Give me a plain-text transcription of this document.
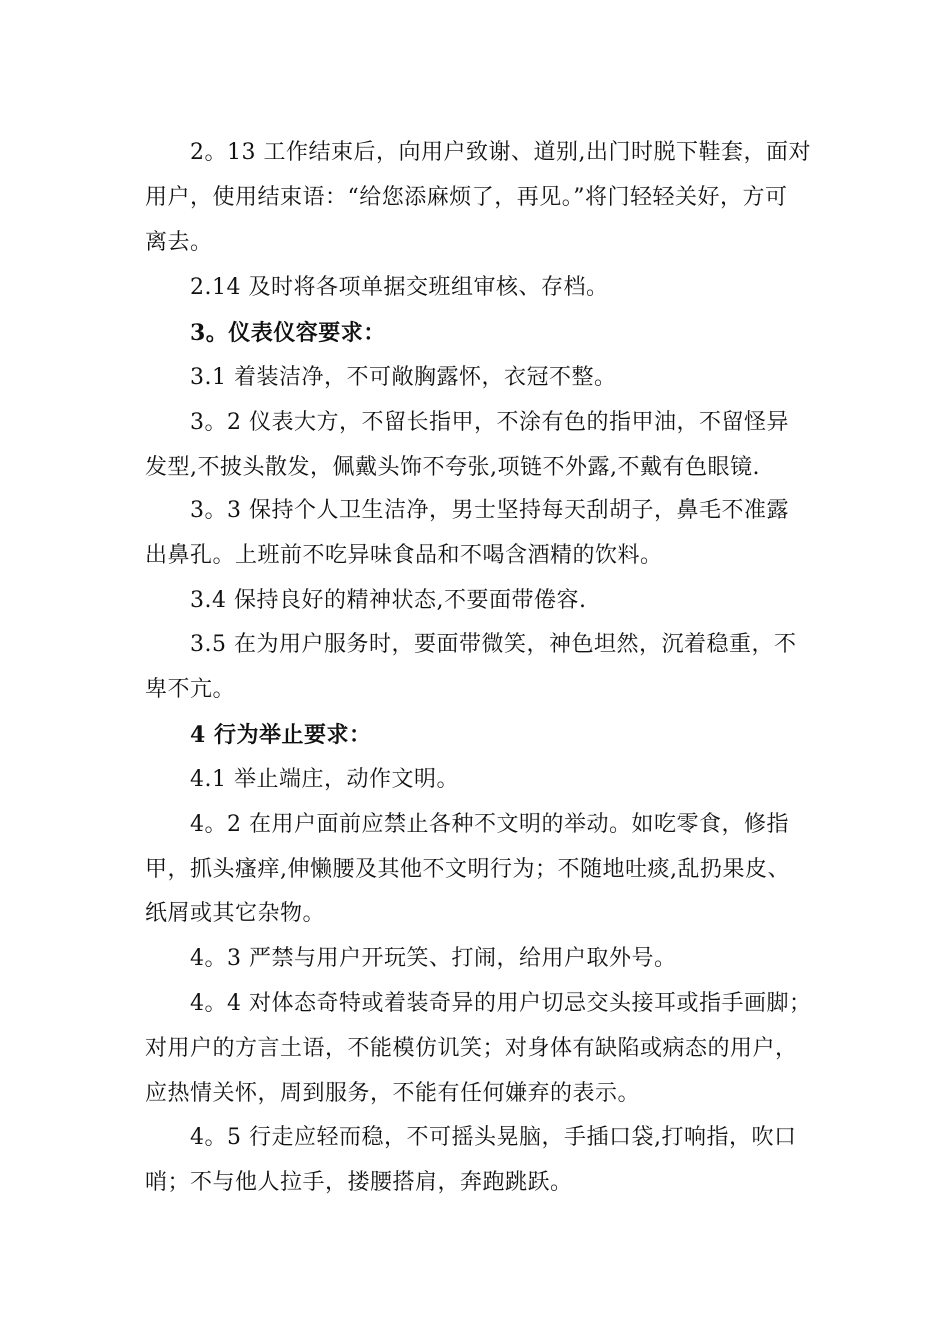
2。13 工作结束后，向用户致谢、道别,出门时脱下鞋套，面对
用户，使用结束语：“给您添麻烦了，再见。”将门轻轻关好，方可
离去。
2.14 及时将各项单据交班组审核、存档。
3。仪表仪容要求：
3.1 着装洁净，不可敞胸露怀，衣冠不整。
3。2 仪表大方，不留长指甲，不涂有色的指甲油，不留怪异
发型,不披头散发，佩戴头饰不夸张,项链不外露,不戴有色眼镜.
3。3 保持个人卫生洁净，男士坚持每天刮胡子，鼻毛不准露
出鼻孔。上班前不吃异味食品和不喝含酒精的饮料。
3.4 保持良好的精神状态,不要面带倦容.
3.5 在为用户服务时，要面带微笑，神色坦然，沉着稳重，不
卑不亢。
4 行为举止要求：
4.1 举止端庄，动作文明。
4。2 在用户面前应禁止各种不文明的举动。如吃零食，修指
甲，抓头瘙痒,伸懒腰及其他不文明行为；不随地吐痰,乱扔果皮、
纸屑或其它杂物。
4。3 严禁与用户开玩笑、打闹，给用户取外号。
4。4 对体态奇特或着装奇异的用户切忌交头接耳或指手画脚；
对用户的方言土语，不能模仿讥笑；对身体有缺陷或病态的用户，
应热情关怀，周到服务，不能有任何嫌弃的表示。
4。5 行走应轻而稳，不可摇头晃脑，手插口袋,打响指，吹口
哨；不与他人拉手，搂腰搭肩，奔跑跳跃。
